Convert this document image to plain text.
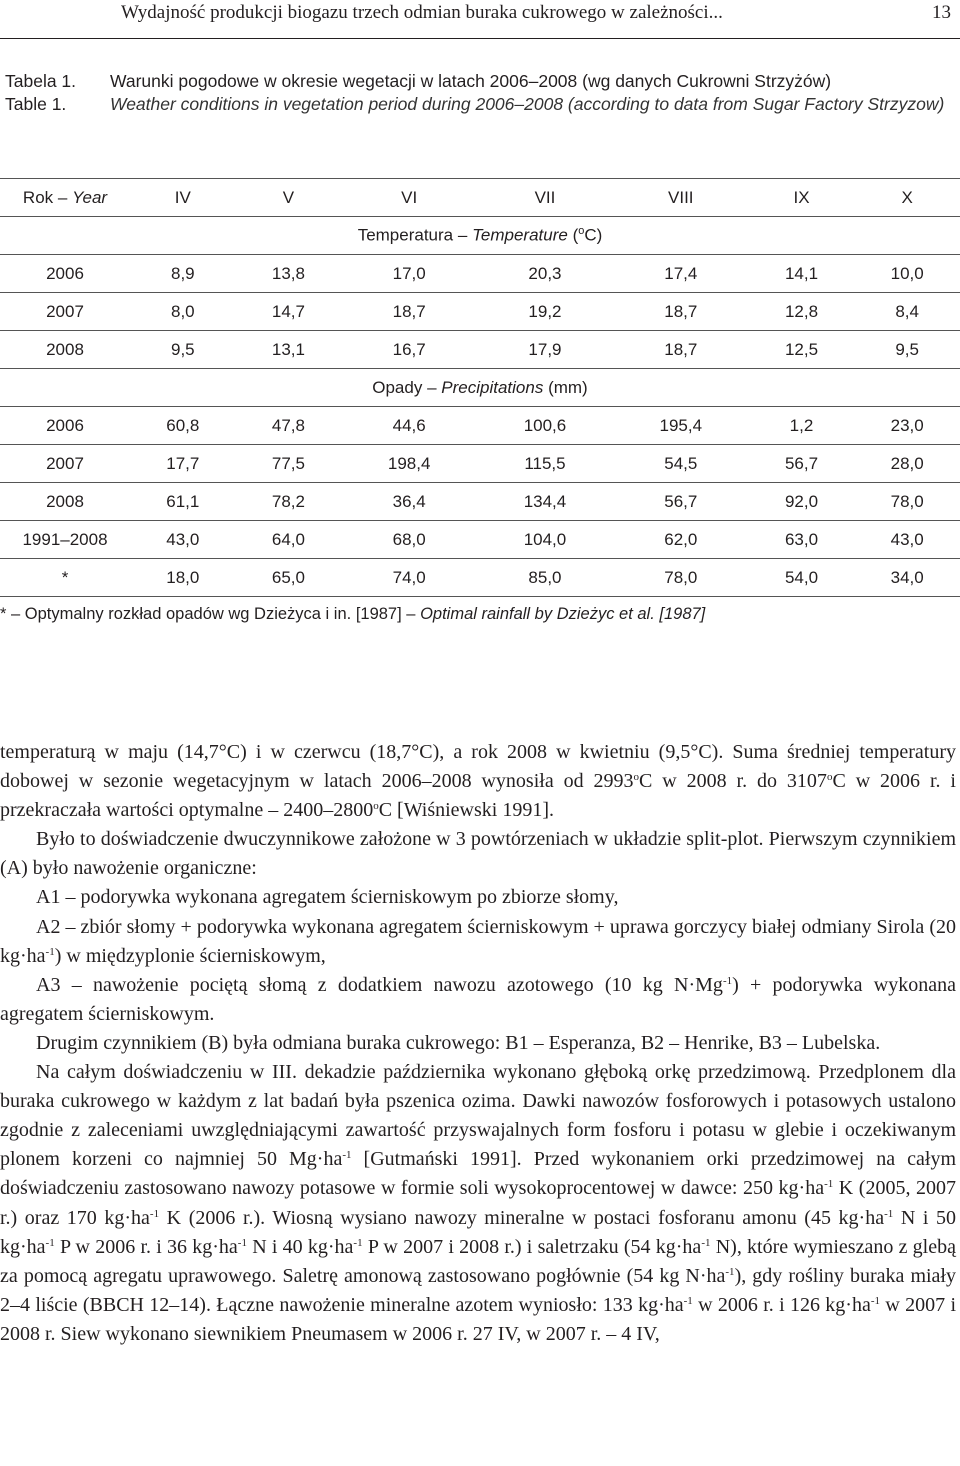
Wydajność produkcji biogazu trzech odmian buraka cukrowego w zależności...	13
Tabela 1.	Warunki pogodowe w okresie wegetacji w latach 2006–2008 (wg danych Cukrowni Strzyżów)
Table 1.	Weather conditions in vegetation period during 2006–2008 (according to data from Sugar Factory Strzyzow)
Rok – Year	IV	V	VI	VII	VIII	IX	X
Temperatura – Temperature ($^o$C)							
2006	8,9	13,8	17,0	20,3	17,4	14,1	10,0
2007	8,0	14,7	18,7	19,2	18,7	12,8	8,4
2008	9,5	13,1	16,7	17,9	18,7	12,5	9,5
Opady – Precipitations (mm)							
2006	60,8	47,8	44,6	100,6	195,4	1,2	23,0
2007	17,7	77,5	198,4	115,5	54,5	56,7	28,0
2008	61,1	78,2	36,4	134,4	56,7	92,0	78,0
1991–2008	43,0	64,0	68,0	104,0	62,0	63,0	43,0
*	18,0	65,0	74,0	85,0	78,0	54,0	34,0
* – Optymalny rozkład opadów wg Dzieżyca i in. [1987] – Optimal rainfall by Dzieżyc et al. [1987]

temperaturą w maju (14,7°C) i w czerwcu (18,7°C), a rok 2008 w kwietniu (9,5°C). Suma średniej temperatury dobowej w sezonie wegetacyjnym w latach 2006–2008 wynosiła od 2993$^o$C w 2008 r. do 3107$^o$C w 2006 r. i przekraczała wartości optymalne – 2400–2800$^o$C [Wiśniewski 1991].

Było to doświadczenie dwuczynnikowe założone w 3 powtórzeniach w układzie split-plot. Pierwszym czynnikiem (A) było nawożenie organiczne:

A1 – podorywka wykonana agregatem ścierniskowym po zbiorze słomy,

A2 – zbiór słomy + podorywka wykonana agregatem ścierniskowym + uprawa gorczycy białej odmiany Sirola (20 $kg\cdot ha^{-1}$) w międzyplonie ścierniskowym,

A3 – nawożenie pociętą słomą z dodatkiem nawozu azotowego (10 kg $N\cdot Mg^{-1}$) + podorywka wykonana agregatem ścierniskowym.

Drugim czynnikiem (B) była odmiana buraka cukrowego: B1 – Esperanza, B2 – Henrike, B3 – Lubelska.

Na całym doświadczeniu w III. dekadzie października wykonano głęboką orkę przedzimową. Przedplonem dla buraka cukrowego w każdym z lat badań była pszenica ozima. Dawki nawozów fosforowych i potasowych ustalono zgodnie z zaleceniami uwzględniającymi zawartość przyswajalnych form fosforu i potasu w glebie i oczekiwanym plonem korzeni co najmniej 50 $Mg\cdot ha^{-1}$ [Gutmański 1991]. Przed wykonaniem orki przedzimowej na całym doświadczeniu zastosowano nawozy potasowe w formie soli wysokoprocentowej w dawce: 250 $kg\cdot ha^{-1}$ K (2005, 2007 r.) oraz 170 $kg\cdot ha^{-1}$ K (2006 r.). Wiosną wysiano nawozy mineralne w postaci fosforanu amonu (45 $kg\cdot ha^{-1}$ N i 50 $kg\cdot ha^{-1}$ P w 2006 r. i 36 $kg\cdot ha^{-1}$ N i 40 $kg\cdot ha^{-1}$ P w 2007 i 2008 r.) i saletrzaku (54 $kg\cdot ha^{-1}$ N), które wymieszano z glebą za pomocą agregatu uprawowego. Saletrę amonową zastosowano pogłównie (54 kg $N\cdot ha^{-1}$), gdy rośliny buraka miały 2–4 liście (BBCH 12–14). Łączne nawożenie mineralne azotem wyniosło: 133 $kg\cdot ha^{-1}$ w 2006 r. i 126 $kg\cdot ha^{-1}$ w 2007 i 2008 r. Siew wykonano siewnikiem Pneumasem w 2006 r. 27 IV, w 2007 r. – 4 IV,
